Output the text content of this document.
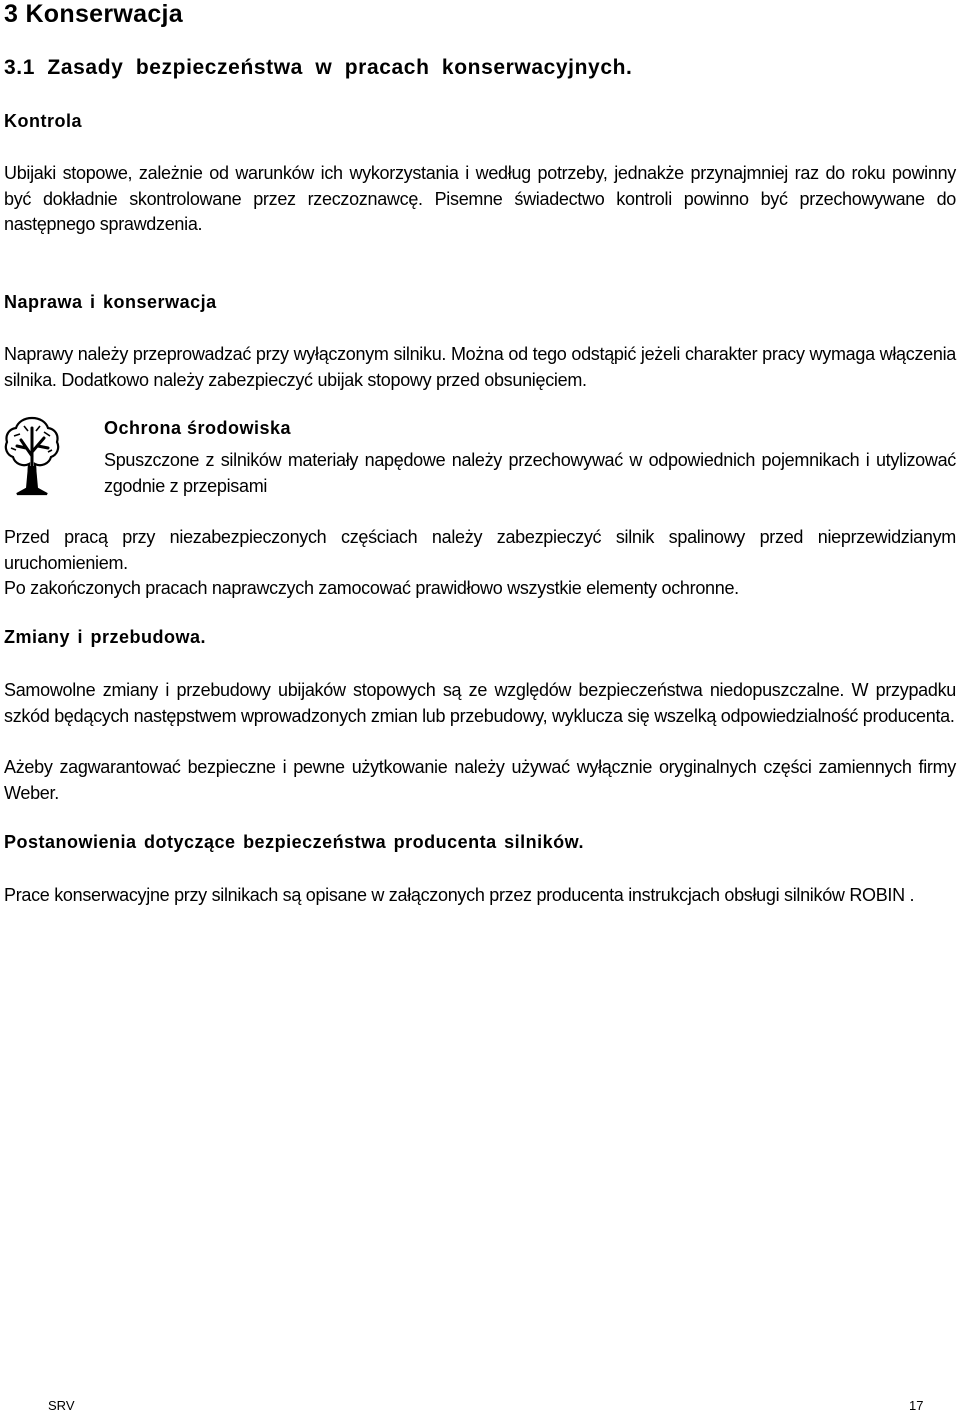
3 Konserwacja
3.1 Zasady bezpieczeństwa w pracach konserwacyjnych.
Kontrola

Ubijaki stopowe, zależnie od warunków ich wykorzystania i według potrzeby, jednakże przynajmniej raz do roku powinny być dokładnie skontrolowane przez rzeczoznawcę. Pisemne świadectwo kontroli powinno być przechowywane do następnego sprawdzenia.

Naprawa i konserwacja

Naprawy należy przeprowadzać przy wyłączonym silniku. Można od tego odstąpić jeżeli charakter pracy wymaga włączenia silnika. Dodatkowo należy zabezpieczyć ubijak stopowy przed obsunięciem.

Ochrona środowiska

Spuszczone z silników materiały napędowe należy przechowywać w odpowiednich pojemnikach i utylizować zgodnie z przepisami

Przed pracą przy niezabezpieczonych częściach należy zabezpieczyć silnik spalinowy przed nieprzewidzianym uruchomieniem.

Po zakończonych pracach naprawczych zamocować prawidłowo wszystkie elementy ochronne.

Zmiany i przebudowa.

Samowolne zmiany i przebudowy ubijaków stopowych są ze względów bezpieczeństwa niedopuszczalne. W przypadku szkód będących następstwem wprowadzonych zmian lub przebudowy, wyklucza się wszelką odpowiedzialność producenta.

Ażeby zagwarantować bezpieczne i pewne użytkowanie należy używać wyłącznie oryginalnych części zamiennych firmy Weber.

Postanowienia dotyczące bezpieczeństwa producenta silników.

Prace konserwacyjne przy silnikach są opisane w załączonych przez producenta instrukcjach obsługi silników ROBIN .

SRV	17
